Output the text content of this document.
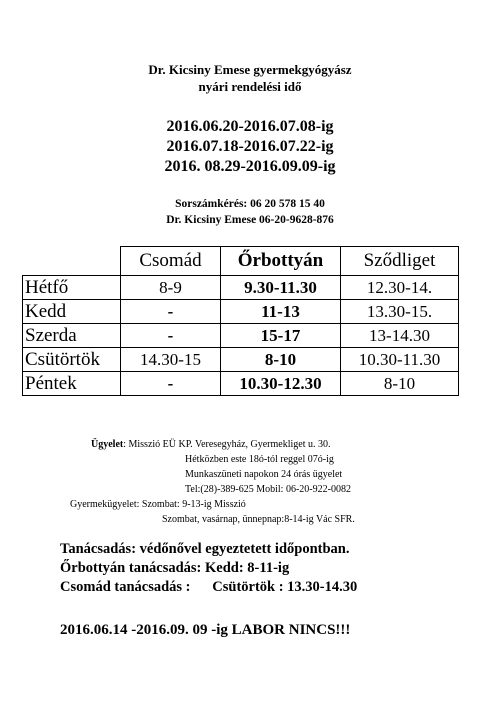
Dr. Kicsiny Emese gyermekgyógyász
nyári rendelési idő
2016.06.20-2016.07.08-ig
2016.07.18-2016.07.22-ig
2016. 08.29-2016.09.09-ig
Sorszámkérés: 06 20 578 15 40
Dr. Kicsiny Emese 06-20-9628-876
	Csomád	Őrbottyán	Sződliget
Hétfő	8-9	9.30-11.30	12.30-14.
Kedd	-	11-13	13.30-15.
Szerda	-	15-17	13-14.30
Csütörtök	14.30-15	8-10	10.30-11.30
Péntek	-	10.30-12.30	8-10
Ügyelet: Misszió EÜ KP. Veresegyház, Gyermekliget u. 30.
Hétközben este 18ó-tól reggel 07ó-ig
Munkaszüneti napokon 24 órás ügyelet
Tel:(28)-389-625 Mobil: 06-20-922-0082
Gyermekügyelet: Szombat: 9-13-ig Misszió
Szombat, vasárnap, ünnepnap:8-14-ig Vác SFR.
Tanácsadás: védőnővel egyeztetett időpontban.
Őrbottyán tanácsadás: Kedd: 8-11-ig
Csomád tanácsadás :      Csütörtök : 13.30-14.30
2016.06.14 -2016.09. 09 -ig LABOR NINCS!!!
